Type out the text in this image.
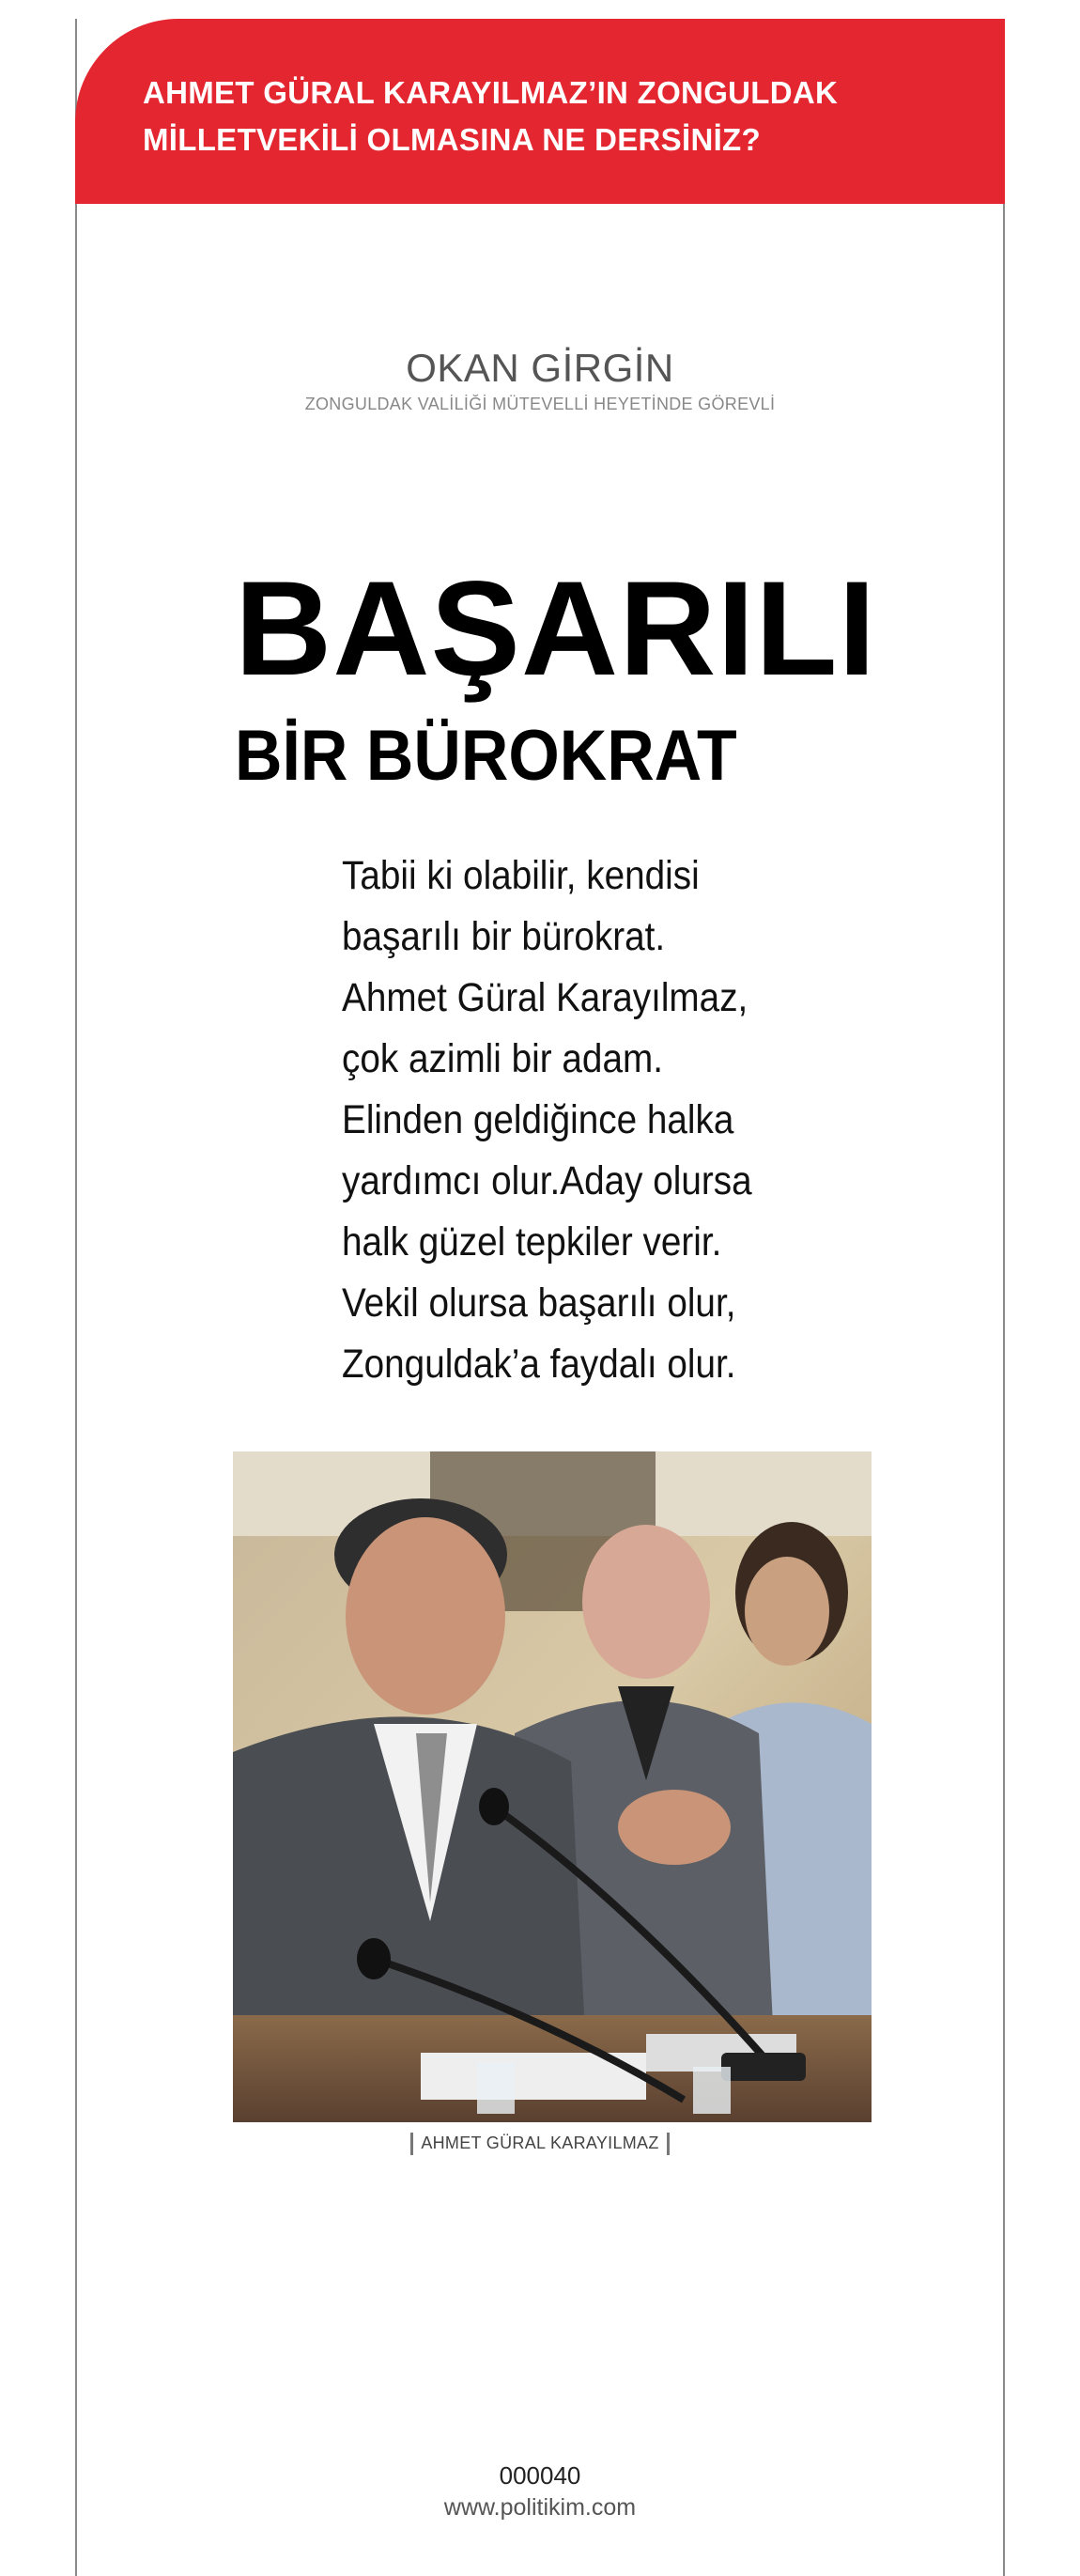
AHMET GÜRAL KARAYILMAZ’IN ZONGULDAK
MİLLETVEKİLİ OLMASINA NE DERSİNİZ?
OKAN GİRGİN
ZONGULDAK VALİLİĞİ MÜTEVELLİ HEYETİNDE GÖREVLİ
BAŞARILI
BİR BÜROKRAT
Tabii ki olabilir, kendisi
başarılı bir bürokrat.
Ahmet Güral Karayılmaz,
çok azimli bir adam.
Elinden geldiğince halka
yardımcı olur.Aday olursa
halk güzel tepkiler verir.
Vekil olursa başarılı olur,
Zonguldak’a faydalı olur.
AHMET GÜRAL KARAYILMAZ
000040
www.politikim.com
